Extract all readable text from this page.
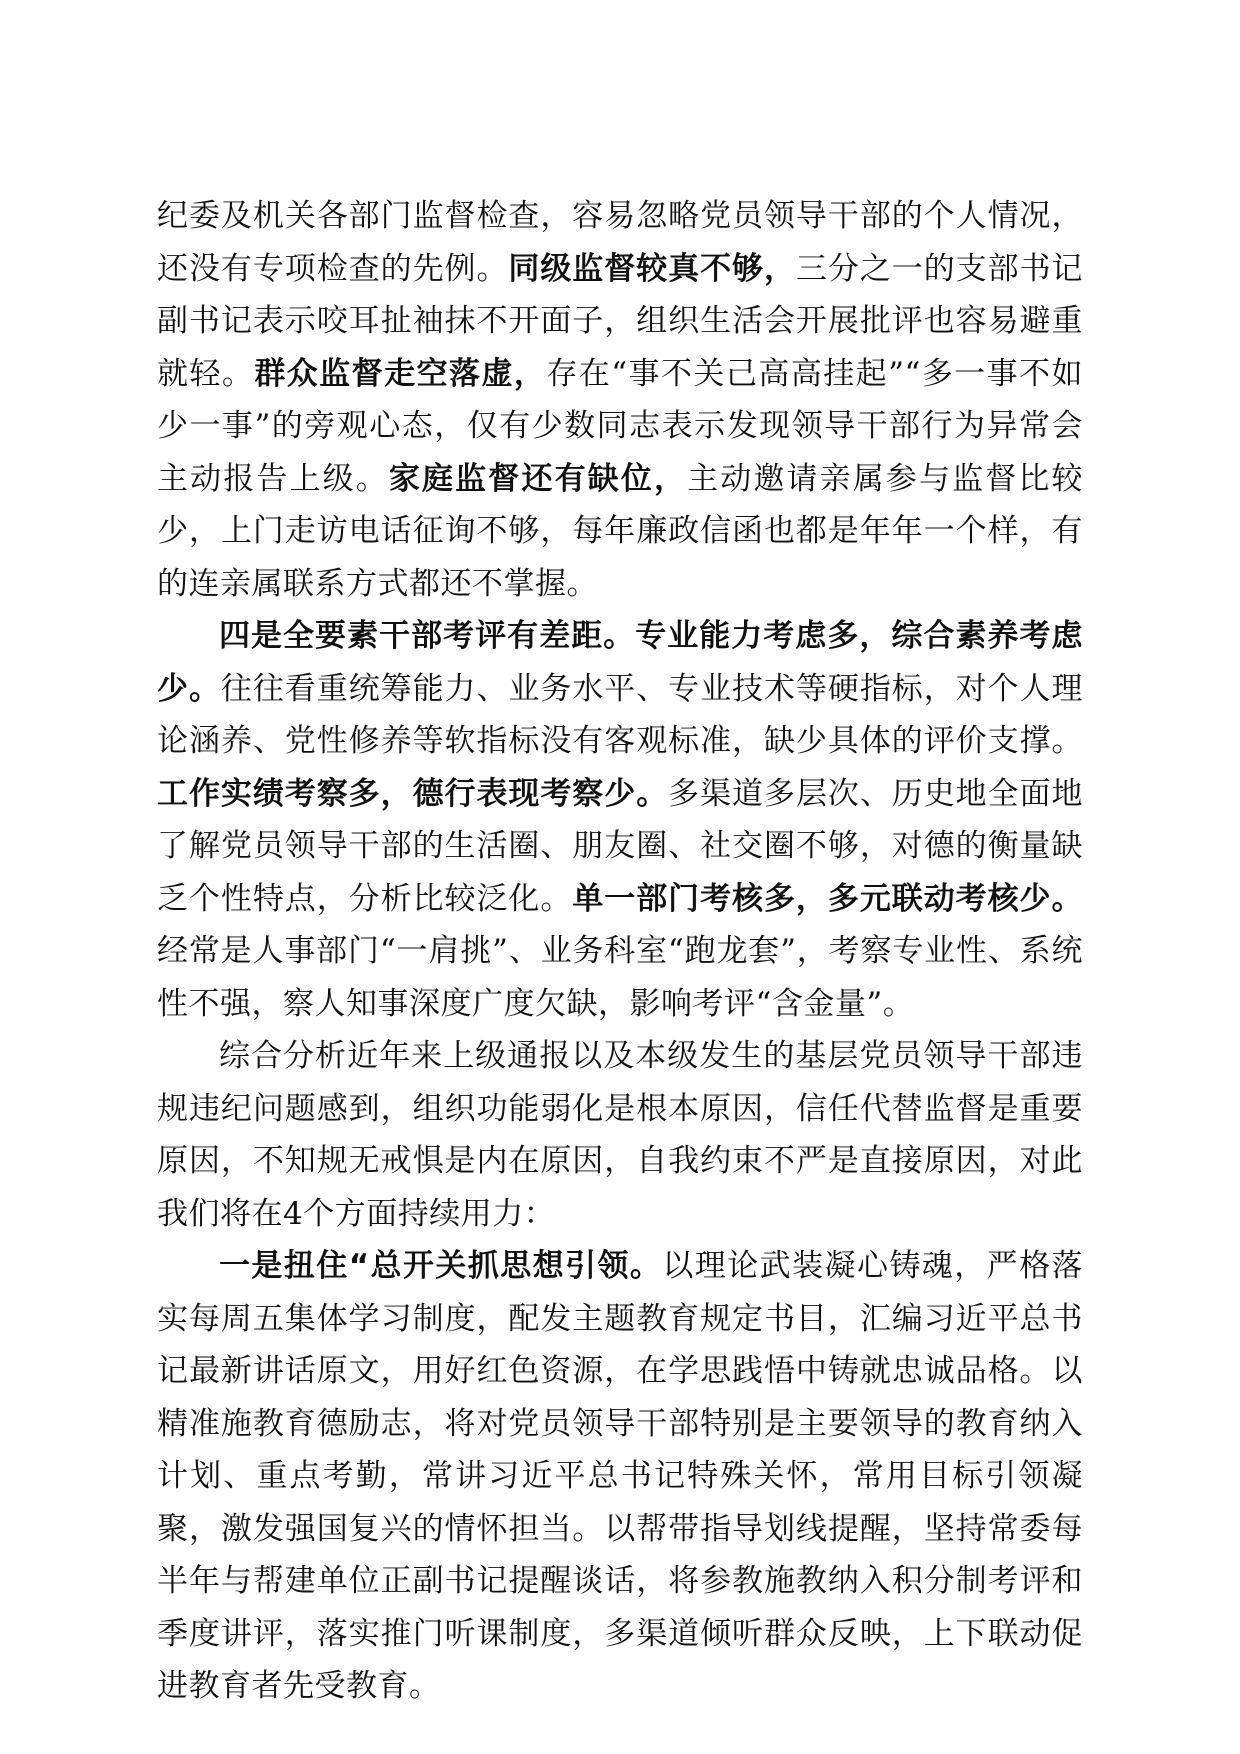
纪委及机关各部门监督检查，容易忽略党员领导干部的个人情况，还没有专项检查的先例。同级监督较真不够，三分之一的支部书记副书记表示咬耳扯袖抹不开面子，组织生活会开展批评也容易避重就轻。群众监督走空落虚，存在“事不关己高高挂起”“多一事不如少一事”的旁观心态，仅有少数同志表示发现领导干部行为异常会主动报告上级。家庭监督还有缺位，主动邀请亲属参与监督比较少，上门走访电话征询不够，每年廉政信函也都是年年一个样，有的连亲属联系方式都还不掌握。

四是全要素干部考评有差距。专业能力考虑多，综合素养考虑少。往往看重统筹能力、业务水平、专业技术等硬指标，对个人理论涵养、党性修养等软指标没有客观标准，缺少具体的评价支撑。工作实绩考察多，德行表现考察少。多渠道多层次、历史地全面地了解党员领导干部的生活圈、朋友圈、社交圈不够，对德的衡量缺乏个性特点，分析比较泛化。单一部门考核多，多元联动考核少。经常是人事部门“一肩挑”、业务科室“跑龙套”，考察专业性、系统性不强，察人知事深度广度欠缺，影响考评“含金量”。

综合分析近年来上级通报以及本级发生的基层党员领导干部违规违纪问题感到，组织功能弱化是根本原因，信任代替监督是重要原因，不知规无戒惧是内在原因，自我约束不严是直接原因，对此我们将在4个方面持续用力：

一是扭住“总开关抓思想引领。以理论武装凝心铸魂，严格落实每周五集体学习制度，配发主题教育规定书目，汇编习近平总书记最新讲话原文，用好红色资源，在学思践悟中铸就忠诚品格。以精准施教育德励志，将对党员领导干部特别是主要领导的教育纳入计划、重点考勤，常讲习近平总书记特殊关怀，常用目标引领凝聚，激发强国复兴的情怀担当。以帮带指导划线提醒，坚持常委每半年与帮建单位正副书记提醒谈话，将参教施教纳入积分制考评和季度讲评，落实推门听课制度，多渠道倾听群众反映，上下联动促进教育者先受教育。
